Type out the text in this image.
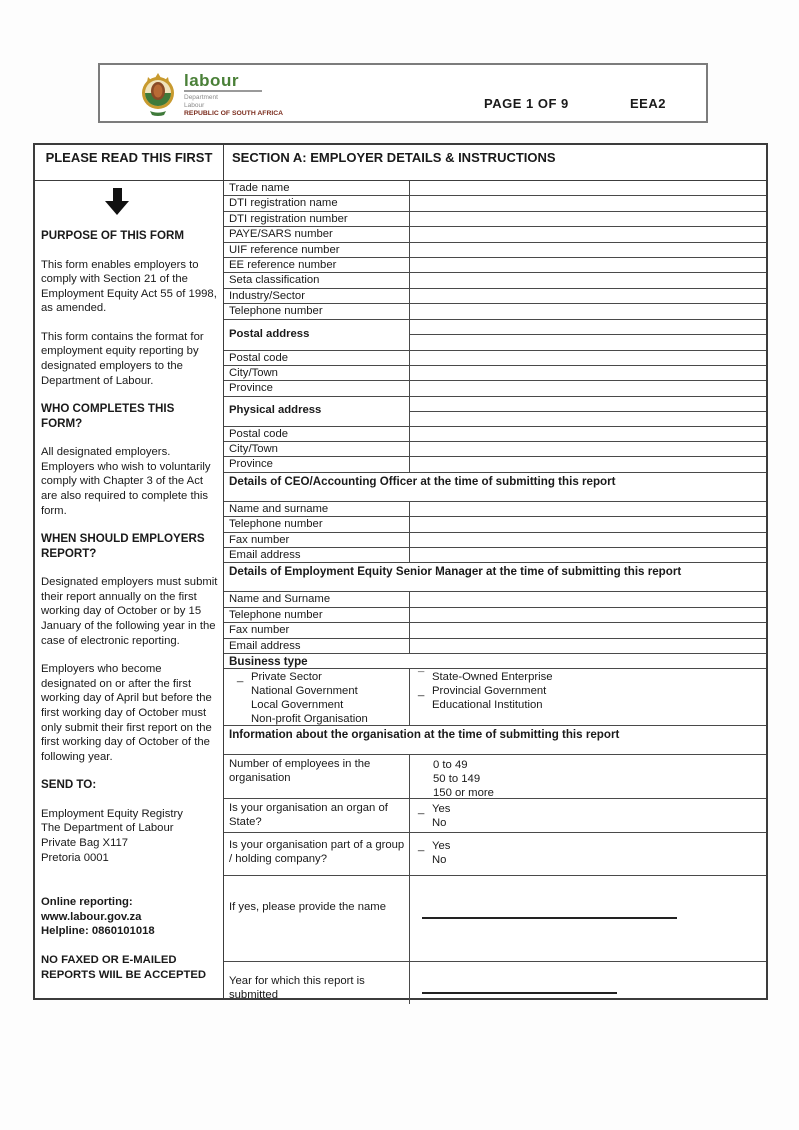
labour
Department
Labour
REPUBLIC OF SOUTH AFRICA
PAGE 1 OF 9	EEA2
PLEASE READ THIS FIRST	SECTION A: EMPLOYER DETAILS & INSTRUCTIONS
PURPOSE OF THIS FORM

This form enables employers to comply with Section 21 of the Employment Equity Act 55 of 1998, as amended.

This form contains the format for employment equity reporting by designated employers to the Department of Labour.

WHO COMPLETES THIS FORM?

All designated employers. Employers who wish to voluntarily comply with Chapter 3 of the Act are also required to complete this form.

WHEN SHOULD EMPLOYERS REPORT?

Designated employers must submit their report annually on the first working day of October or by 15 January of the following year in the case of electronic reporting.

Employers who become designated on or after the first working day of April but before the first working day of October must only submit their first report on the first working day of October of the following year.

SEND TO:
Employment Equity Registry
The Department of Labour
Private Bag X117
Pretoria 0001
Online reporting:
www.labour.gov.za
Helpline: 0860101018
NO FAXED OR E-MAILED REPORTS WIIL BE ACCEPTED
Trade name
DTI registration name
DTI registration number
PAYE/SARS number
UIF reference number
EE reference number
Seta classification
Industry/Sector
Telephone number
Postal address
Postal code
City/Town
Province
Physical address
Postal code
City/Town
Province
Details of CEO/Accounting Officer at the time of submitting this report
Name and surname
Telephone number
Fax number
Email address
Details of Employment Equity Senior Manager at the time of submitting this report
Name and Surname
Telephone number
Fax number
Email address
Business type
_ Private Sector
National Government
Local Government
Non-profit Organisation
¯ State-Owned Enterprise
_ Provincial Government
Educational Institution
Information about the organisation at the time of submitting this report
Number of employees in the organisation
0 to 49
50 to 149
150 or more
Is your organisation an organ of State?
_ Yes
No
Is your organisation part of a group / holding company?
_ Yes
No
If yes, please provide the name
Year for which this report is submitted
